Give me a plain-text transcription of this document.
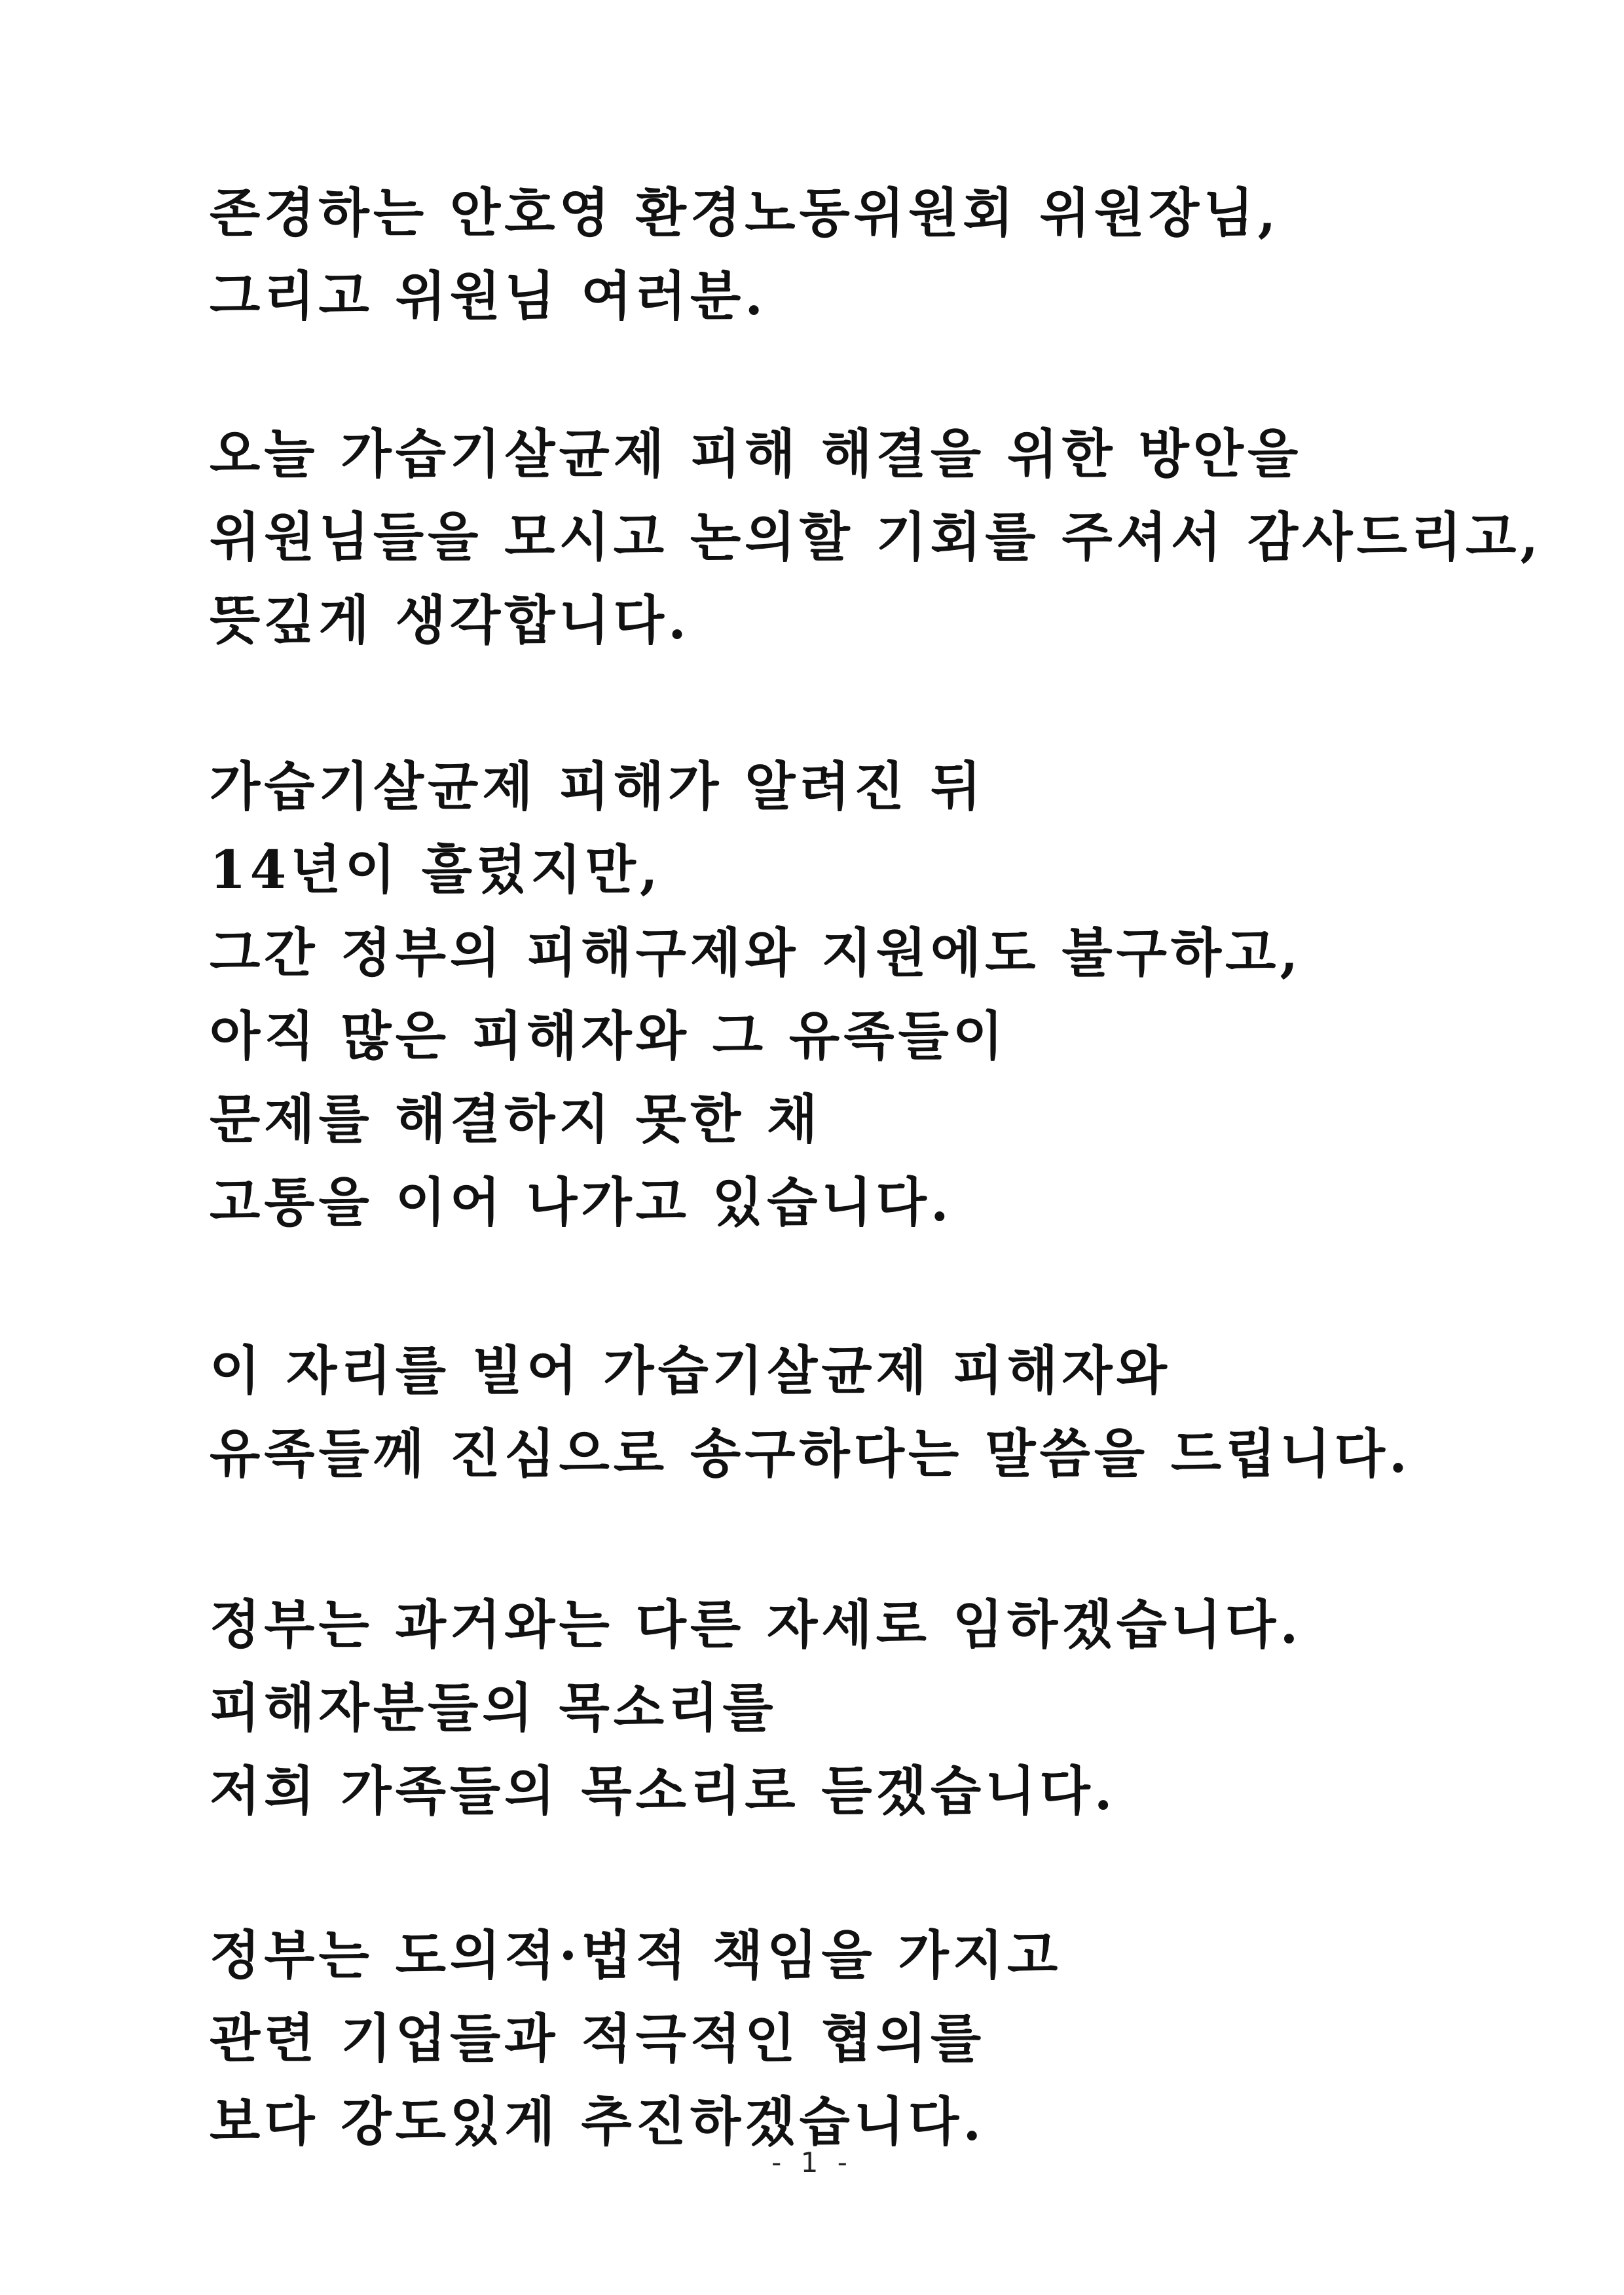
존경하는 안호영 환경노동위원회 위원장님,
그리고 위원님 여러분.
오늘 가습기살균제 피해 해결을 위한 방안을
위원님들을 모시고 논의할 기회를 주셔서 감사드리고,
뜻깊게 생각합니다.
가습기살균제 피해가 알려진 뒤
14년이 흘렀지만,
그간 정부의 피해구제와 지원에도 불구하고,
아직 많은 피해자와 그 유족들이
문제를 해결하지 못한 채
고통을 이어 나가고 있습니다.
이 자리를 빌어 가습기살균제 피해자와
유족들께 진심으로 송구하다는 말씀을 드립니다.
정부는 과거와는 다른 자세로 임하겠습니다.
피해자분들의 목소리를
저희 가족들의 목소리로 듣겠습니다.
정부는 도의적·법적 책임을 가지고
관련 기업들과 적극적인 협의를
보다 강도있게 추진하겠습니다.
- 1 -
